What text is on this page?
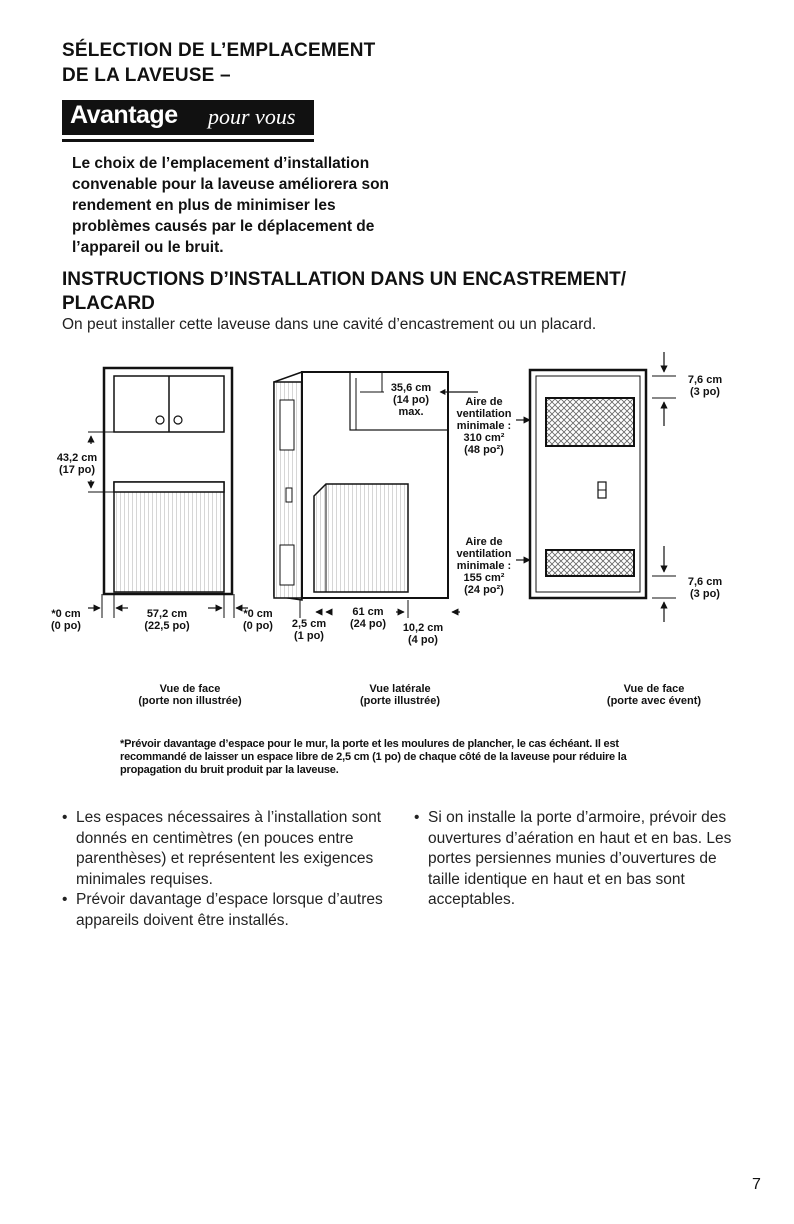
SÉLECTION DE L’EMPLACEMENT
DE LA LAVEUSE –
Avantage pour vous
Le choix de l’emplacement d’installation convenable pour la laveuse améliorera son rendement en plus de minimiser les problèmes causés par le déplacement de l’appareil ou le bruit.
INSTRUCTIONS D’INSTALLATION DANS UN ENCASTREMENT/ PLACARD
On peut installer cette laveuse dans une cavité d’encastrement ou un placard.
43,2 cm
(17 po)
*0 cm
(0 po)
57,2 cm
(22,5 po)
*0 cm
(0 po)	2,5 cm
(1 po)
61 cm
(24 po)	10,2 cm
(4 po)
35,6 cm
(14 po)
max.
Aire de
ventilation
minimale :
310 cm²
(48 po²)
Aire de
ventilation
minimale :
155 cm²
(24 po²)
7,6 cm
(3 po)
7,6 cm
(3 po)
Vue de face
(porte non illustrée)
Vue latérale
(porte illustrée)
Vue de face
(porte avec évent)
*Prévoir davantage d’espace pour le mur, la porte et les moulures de plancher, le cas échéant. Il est recommandé de laisser un espace libre de 2,5 cm (1 po) de chaque côté de la laveuse pour réduire la propagation du bruit produit par la laveuse.

• Les espaces nécessaires à l’installation sont donnés en centimètres (en pouces entre parenthèses) et représentent les exigences minimales requises.

• Prévoir davantage d’espace lorsque d’autres appareils doivent être installés.

• Si on installe la porte d’armoire, prévoir des ouvertures d’aération en haut et en bas. Les portes persiennes munies d’ouvertures de taille identique en haut et en bas sont acceptables.

7
